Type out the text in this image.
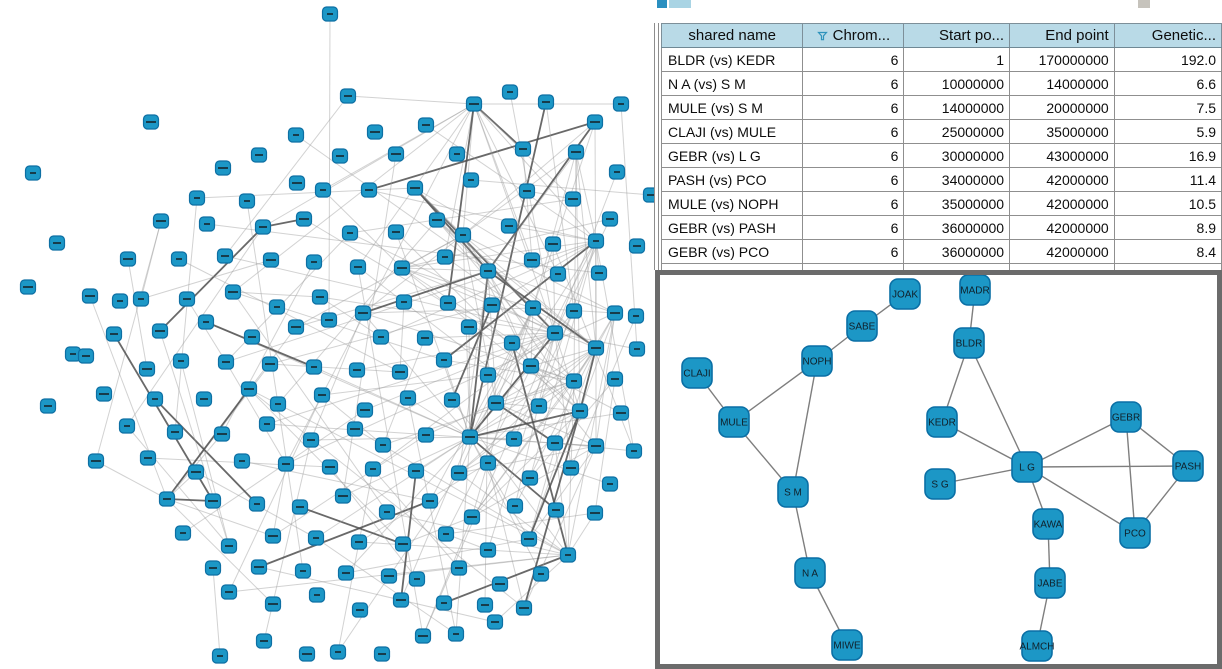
shared name	Chrom...	Start po...	End point	Genetic...
BLDR (vs) KEDR	6	1	170000000	192.0
N A (vs) S M	6	10000000	14000000	6.6
MULE (vs) S M	6	14000000	20000000	7.5
CLAJI (vs) MULE	6	25000000	35000000	5.9
GEBR (vs) L G	6	30000000	43000000	16.9
PASH (vs) PCO	6	34000000	42000000	11.4
MULE (vs) NOPH	6	35000000	42000000	10.5
GEBR (vs) PASH	6	36000000	42000000	8.9
GEBR (vs) PCO	6	36000000	42000000	8.4

JOAK	MADR
SABE
NOPH
CLAJI
MULE
BLDR
KEDR	GEBR
L G	PASH
S M
S G
N A
MIWE
KAWA
PCO
JABE
ALMCH
